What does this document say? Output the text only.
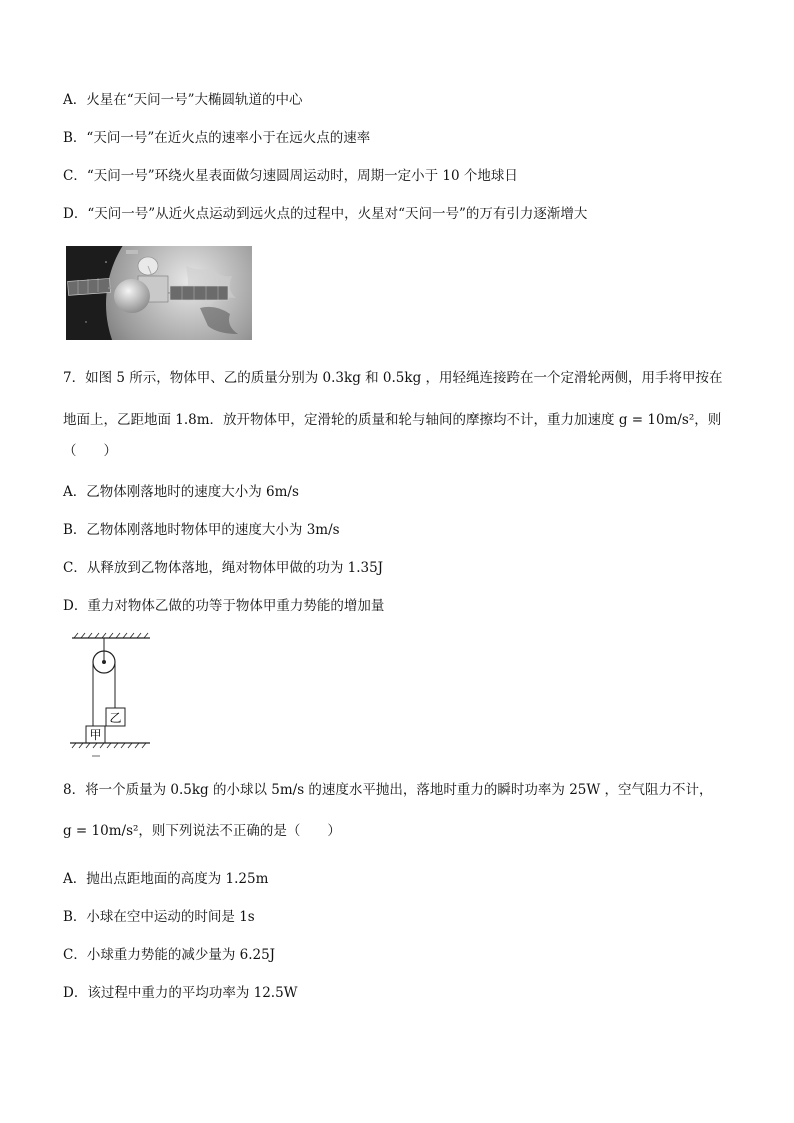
A．火星在“天问一号”大椭圆轨道的中心
B．“天问一号”在近火点的速率小于在远火点的速率
C．“天问一号”环绕火星表面做匀速圆周运动时，周期一定小于 10 个地球日
D．“天问一号”从近火点运动到远火点的过程中，火星对“天问一号”的万有引力逐渐增大
7．如图 5 所示，物体甲、乙的质量分别为 0.3kg 和 0.5kg ，用轻绳连接跨在一个定滑轮两侧，用手将甲按在
地面上，乙距地面 1.8m．放开物体甲，定滑轮的质量和轮与轴间的摩擦均不计，重力加速度 g = 10m/s²，则
（　　）
A．乙物体刚落地时的速度大小为 6m/s
B．乙物体刚落地时物体甲的速度大小为 3m/s
C．从释放到乙物体落地，绳对物体甲做的功为 1.35J
D．重力对物体乙做的功等于物体甲重力势能的增加量
乙
甲
8．将一个质量为 0.5kg 的小球以 5m/s 的速度水平抛出，落地时重力的瞬时功率为 25W ，空气阻力不计，
g = 10m/s²，则下列说法不正确的是（　　）
A．抛出点距地面的高度为 1.25m
B．小球在空中运动的时间是 1s
C．小球重力势能的减少量为 6.25J
D．该过程中重力的平均功率为 12.5W
